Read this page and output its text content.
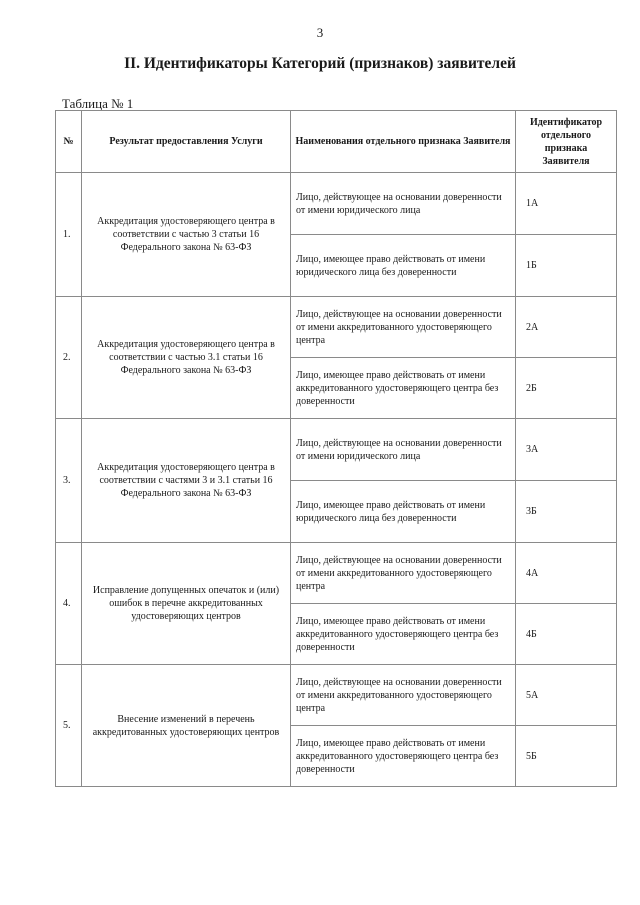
3
II. Идентификаторы Категорий (признаков) заявителей
Таблица № 1
№	Результат предоставления Услуги	Наименования отдельного признака Заявителя	Идентификатор отдельного признака Заявителя
1.	Аккредитация удостоверяющего центра в соответствии с частью 3 статьи 16 Федерального закона № 63-ФЗ	Лицо, действующее на основании доверенности от имени юридического лица	1А
		Лицо, имеющее право действовать от имени юридического лица без доверенности	1Б
2.	Аккредитация удостоверяющего центра в соответствии с частью 3.1 статьи 16 Федерального закона № 63-ФЗ	Лицо, действующее на основании доверенности от имени аккредитованного удостоверяющего центра	2А
		Лицо, имеющее право действовать от имени аккредитованного удостоверяющего центра без доверенности	2Б
3.	Аккредитация удостоверяющего центра в соответствии с частями 3 и 3.1 статьи 16 Федерального закона № 63-ФЗ	Лицо, действующее на основании доверенности от имени юридического лица	3А
		Лицо, имеющее право действовать от имени юридического лица без доверенности	3Б
4.	Исправление допущенных опечаток и (или) ошибок в перечне аккредитованных удостоверяющих центров	Лицо, действующее на основании доверенности от имени аккредитованного удостоверяющего центра	4А
		Лицо, имеющее право действовать от имени аккредитованного удостоверяющего центра без доверенности	4Б
5.	Внесение изменений в перечень аккредитованных удостоверяющих центров	Лицо, действующее на основании доверенности от имени аккредитованного удостоверяющего центра	5А
		Лицо, имеющее право действовать от имени аккредитованного удостоверяющего центра без доверенности	5Б
